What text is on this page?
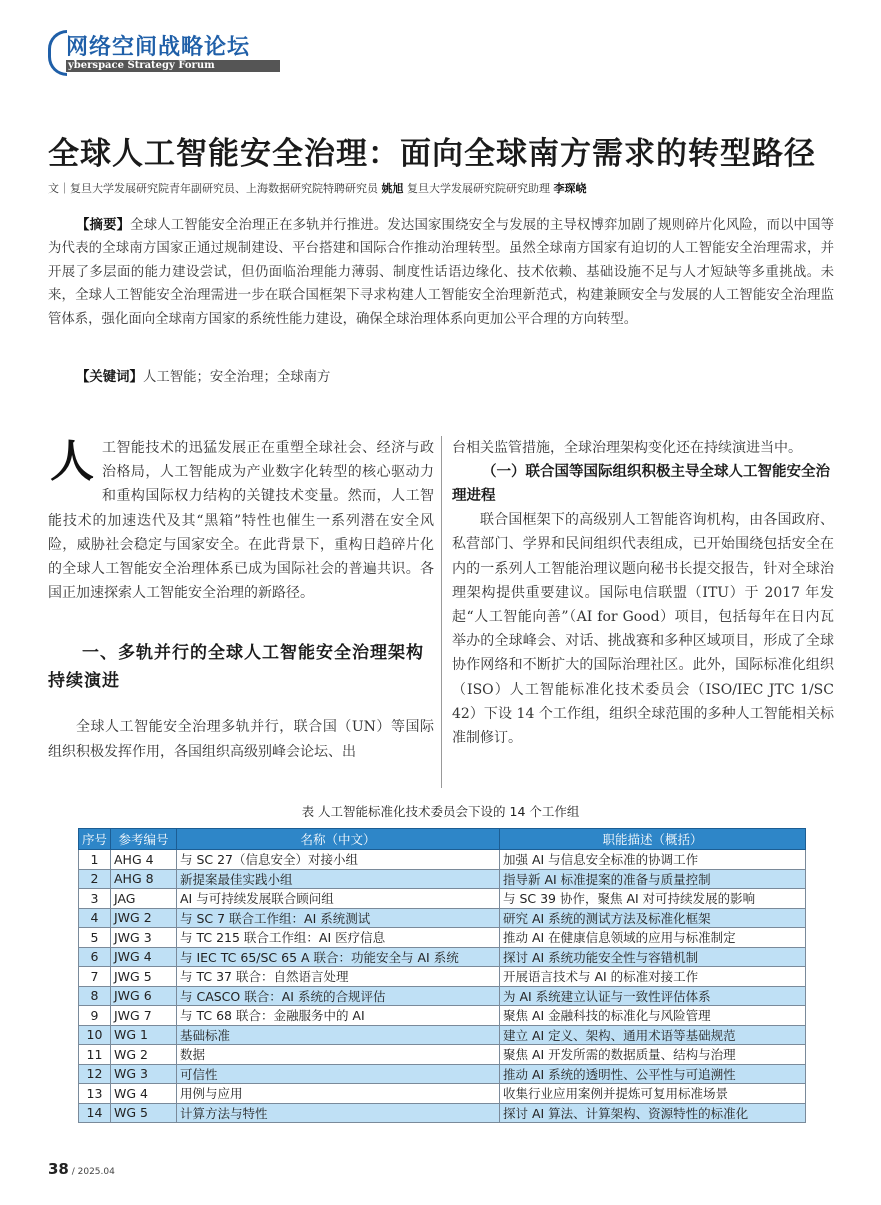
网络空间战略论坛
yberspace Strategy Forum
全球人工智能安全治理：面向全球南方需求的转型路径
文｜复旦大学发展研究院青年副研究员、上海数据研究院特聘研究员 姚旭 复旦大学发展研究院研究助理 李琛峣

【摘要】全球人工智能安全治理正在多轨并行推进。发达国家围绕安全与发展的主导权博弈加剧了规则碎片化风险，而以中国等为代表的全球南方国家正通过规制建设、平台搭建和国际合作推动治理转型。虽然全球南方国家有迫切的人工智能安全治理需求，并开展了多层面的能力建设尝试，但仍面临治理能力薄弱、制度性话语边缘化、技术依赖、基础设施不足与人才短缺等多重挑战。未来，全球人工智能安全治理需进一步在联合国框架下寻求构建人工智能安全治理新范式，构建兼顾安全与发展的人工智能安全治理监管体系，强化面向全球南方国家的系统性能力建设，确保全球治理体系向更加公平合理的方向转型。

【关键词】人工智能；安全治理；全球南方

人工智能技术的迅猛发展正在重塑全球社会、经济与政治格局，人工智能成为产业数字化转型的核心驱动力和重构国际权力结构的关键技术变量。然而，人工智能技术的加速迭代及其“黑箱”特性也催生一系列潜在安全风险，威胁社会稳定与国家安全。在此背景下，重构日趋碎片化的全球人工智能安全治理体系已成为国际社会的普遍共识。各国正加速探索人工智能安全治理的新路径。

一、多轨并行的全球人工智能安全治理架构持续演进

全球人工智能安全治理多轨并行，联合国（UN）等国际组织积极发挥作用，各国组织高级别峰会论坛、出

台相关监管措施，全球治理架构变化还在持续演进当中。

（一）联合国等国际组织积极主导全球人工智能安全治理进程

联合国框架下的高级别人工智能咨询机构，由各国政府、私营部门、学界和民间组织代表组成，已开始围绕包括安全在内的一系列人工智能治理议题向秘书长提交报告，针对全球治理架构提供重要建议。国际电信联盟（ITU）于 2017 年发起“人工智能向善”（AI for Good）项目，包括每年在日内瓦举办的全球峰会、对话、挑战赛和多种区域项目，形成了全球协作网络和不断扩大的国际治理社区。此外，国际标准化组织（ISO）人工智能标准化技术委员会（ISO/IEC JTC 1/SC 42）下设 14 个工作组，组织全球范围的多种人工智能相关标准制修订。

表 人工智能标准化技术委员会下设的 14 个工作组
序号	参考编号	名称（中文）	职能描述（概括）
1	AHG 4	与 SC 27（信息安全）对接小组	加强 AI 与信息安全标准的协调工作
2	AHG 8	新提案最佳实践小组	指导新 AI 标准提案的准备与质量控制
3	JAG	AI 与可持续发展联合顾问组	与 SC 39 协作，聚焦 AI 对可持续发展的影响
4	JWG 2	与 SC 7 联合工作组：AI 系统测试	研究 AI 系统的测试方法及标准化框架
5	JWG 3	与 TC 215 联合工作组：AI 医疗信息	推动 AI 在健康信息领域的应用与标准制定
6	JWG 4	与 IEC TC 65/SC 65 A 联合：功能安全与 AI 系统	探讨 AI 系统功能安全性与容错机制
7	JWG 5	与 TC 37 联合：自然语言处理	开展语言技术与 AI 的标准对接工作
8	JWG 6	与 CASCO 联合：AI 系统的合规评估	为 AI 系统建立认证与一致性评估体系
9	JWG 7	与 TC 68 联合：金融服务中的 AI	聚焦 AI 金融科技的标准化与风险管理
10	WG 1	基础标准	建立 AI 定义、架构、通用术语等基础规范
11	WG 2	数据	聚焦 AI 开发所需的数据质量、结构与治理
12	WG 3	可信性	推动 AI 系统的透明性、公平性与可追溯性
13	WG 4	用例与应用	收集行业应用案例并提炼可复用标准场景
14	WG 5	计算方法与特性	探讨 AI 算法、计算架构、资源特性的标准化
38 / 2025.04
